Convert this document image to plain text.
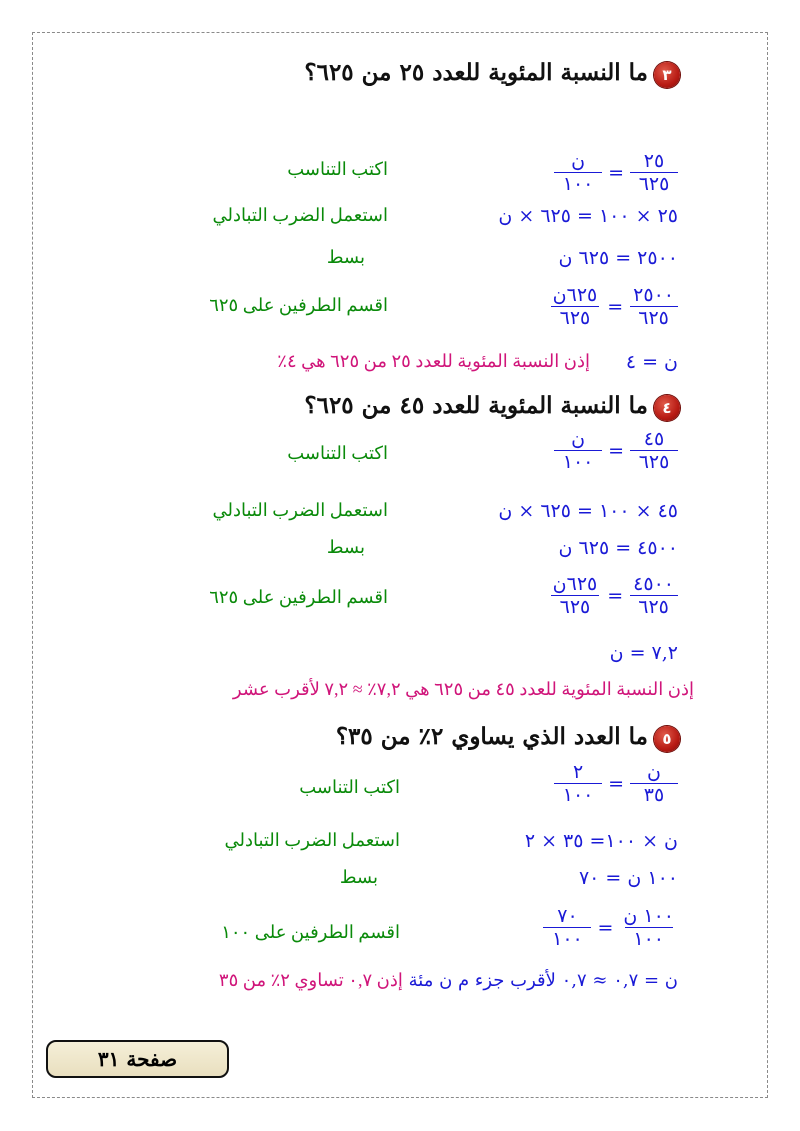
٣
ما النسبة المئوية للعدد ٢٥ من ٦٢٥؟
$\frac{٢٥}{٦٢٥}$
=
$\frac{\text{ن}}{١٠٠}$
اكتب التناسب
٢٥ × ١٠٠ = ٦٢٥ × ن
استعمل الضرب التبادلي
٢٥٠٠ = ٦٢٥ ن
بسط
$\frac{٢٥٠٠}{٦٢٥}$
=
$\frac{\text{٦٢٥ن}}{٦٢٥}$
اقسم الطرفين على ٦٢٥
ن = ٤
إذن النسبة المئوية للعدد ٢٥ من ٦٢٥ هي ٤٪
٤
ما النسبة المئوية للعدد ٤٥ من ٦٢٥؟
$\frac{٤٥}{٦٢٥}$
=
$\frac{\text{ن}}{١٠٠}$
اكتب التناسب
٤٥ × ١٠٠ = ٦٢٥ × ن
استعمل الضرب التبادلي
٤٥٠٠ = ٦٢٥ ن
بسط
$\frac{٤٥٠٠}{٦٢٥}$
=
$\frac{\text{٦٢٥ن}}{٦٢٥}$
اقسم الطرفين على ٦٢٥
٧,٢ = ن
إذن النسبة المئوية للعدد ٤٥ من ٦٢٥ هي ٧,٢٪ ≈ ٧,٢ لأقرب عشر
٥
ما العدد الذي يساوي ٢٪ من ٣٥؟
$\frac{\text{ن}}{٣٥}$
=
$\frac{٢}{١٠٠}$
اكتب التناسب
ن × ١٠٠= ٣٥ × ٢
استعمل الضرب التبادلي
١٠٠ ن = ٧٠
بسط
$\frac{\text{١٠٠ ن}}{١٠٠}$
=
$\frac{٧٠}{١٠٠}$
اقسم الطرفين على ١٠٠
ن = ٠,٧ ≈ ٠,٧ لأقرب جزء م ن مئة إذن ٠,٧ تساوي ٢٪ من ٣٥
صفحة ٣١
